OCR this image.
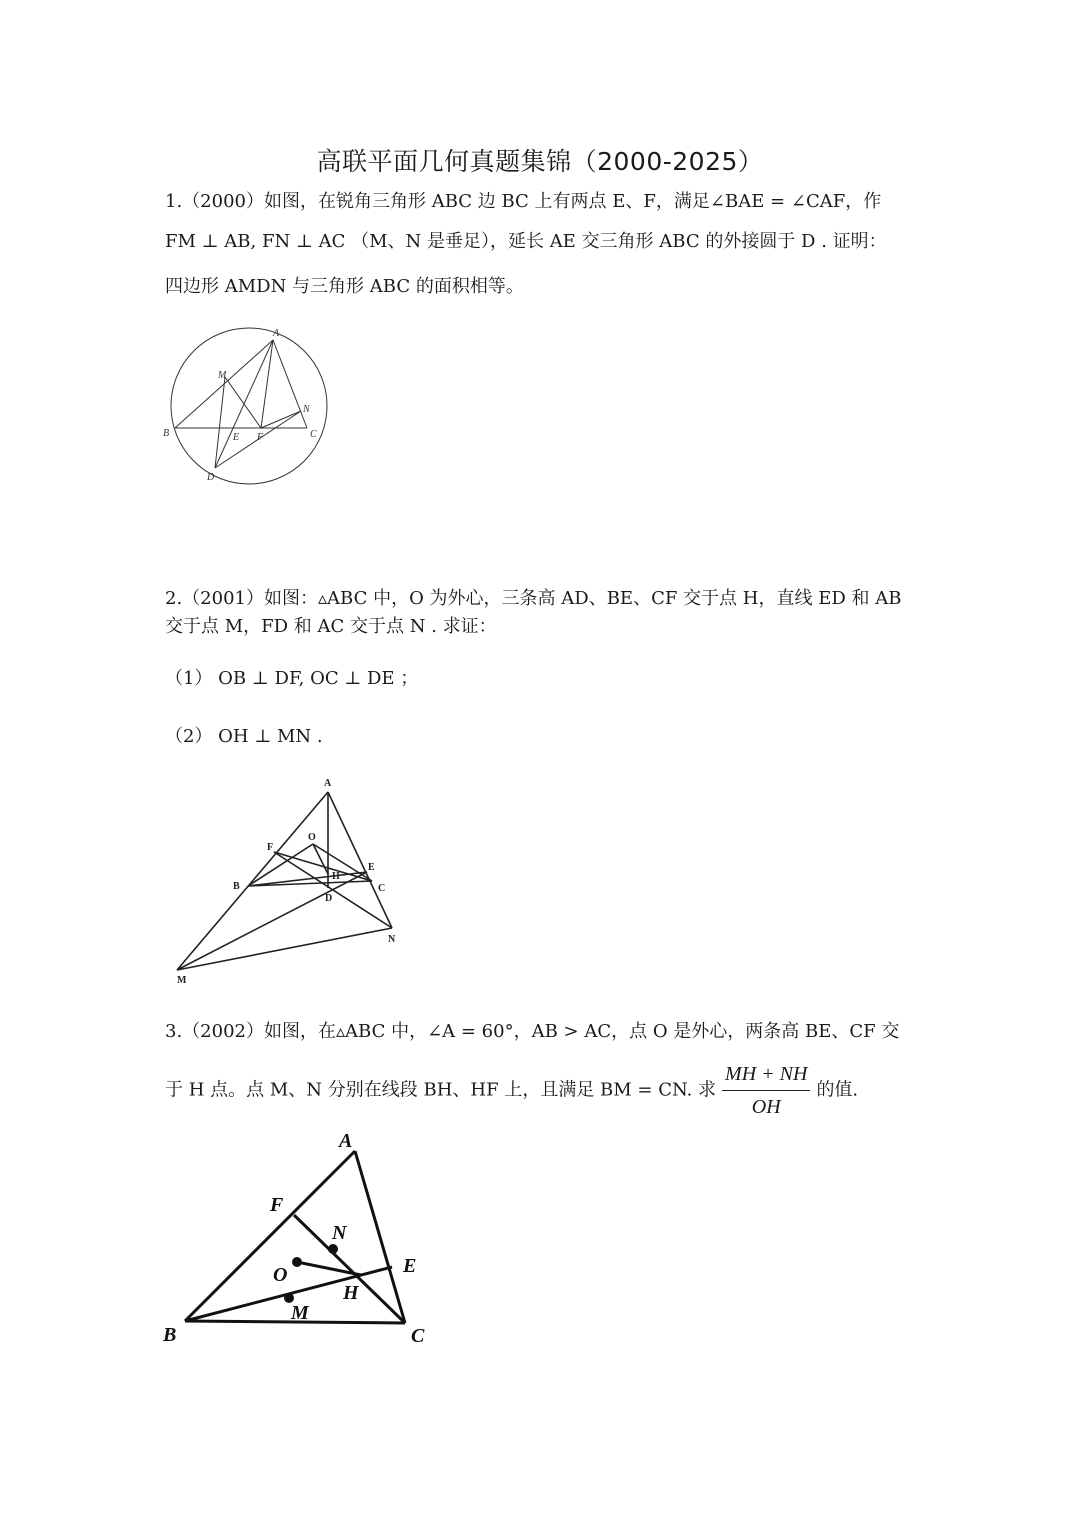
高联平面几何真题集锦（2000-2025）
1.（2000）如图，在锐角三角形 ABC 边 BC 上有两点 E、F，满足∠BAE = ∠CAF，作
FM ⊥ AB, FN ⊥ AC （M、N 是垂足），延长 AE 交三角形 ABC 的外接圆于 D . 证明：
四边形 AMDN 与三角形 ABC 的面积相等。
A
M
N
B	E F	C
D
2.（2001）如图：▵ABC 中，O 为外心，三条高 AD、BE、CF 交于点 H，直线 ED 和 AB
交于点 M，FD 和 AC 交于点 N . 求证：
（1） OB ⊥ DF, OC ⊥ DE ；
（2） OH ⊥ MN .
A
F
O
E
B
H
C
D
N
M
3.（2002）如图，在▵ABC 中，∠A = 60°，AB > AC，点 O 是外心，两条高 BE、CF 交
于 H 点。点 M、N 分别在线段 BH、HF 上，且满足 BM = CN. 求 $\frac{MH + NH}{OH}$ 的值.
A
F
N
O	E
H
M
B	C
